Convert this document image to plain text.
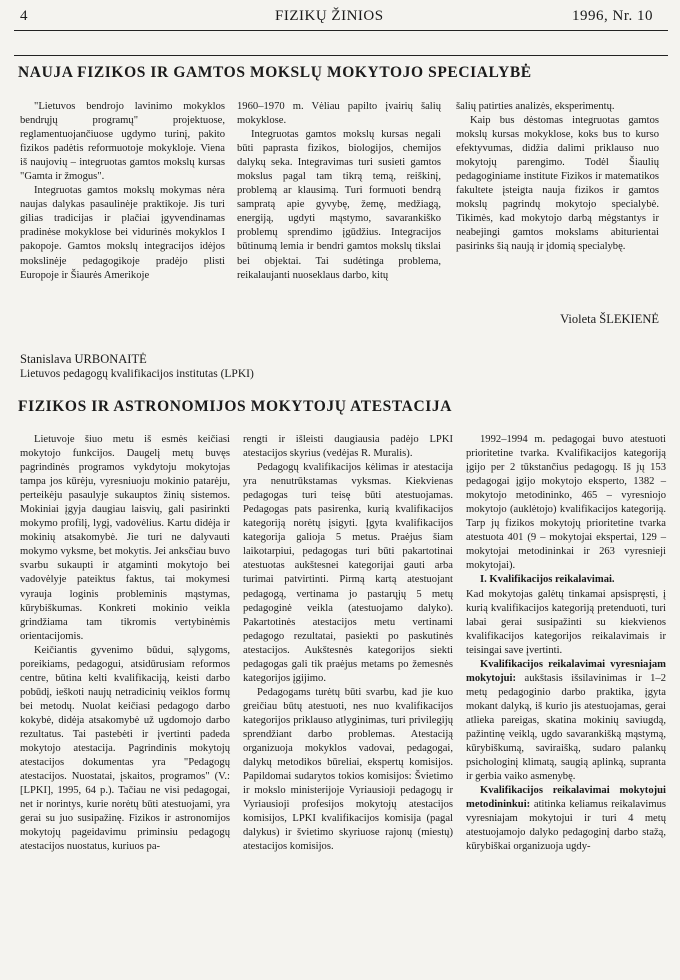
4	FIZIKŲ ŽINIOS	1996, Nr. 10
NAUJA FIZIKOS IR GAMTOS MOKSLŲ MOKYTOJO SPECIALYBĖ

"Lietuvos bendrojo lavinimo mokyklos bendrųjų programų" projektuose, reglamentuojančiuose ugdymo turinį, pakito fizikos padėtis reformuotoje mokykloje. Viena iš naujovių – integruotas gamtos mokslų kursas "Gamta ir žmogus".

Integruotas gamtos mokslų mokymas nėra naujas dalykas pasaulinėje praktikoje. Jis turi gilias tradicijas ir plačiai įgyvendinamas pradinėse mokyklose bei vidurinės mokyklos I pakopoje. Gamtos mokslų integracijos idėjos mokslinėje pedagogikoje pradėjo plisti Europoje ir Šiaurės Amerikoje

1960–1970 m. Vėliau papilto įvairių šalių mokyklose.

Integruotas gamtos mokslų kursas negali būti paprasta fizikos, biologijos, chemijos dalykų seka. Integravimas turi susieti gamtos mokslus pagal tam tikrą temą, reiškinį, problemą ar klausimą. Turi formuoti bendrą sampratą apie gyvybę, žemę, medžiagą, energiją, ugdyti mąstymo, savarankiško problemų sprendimo įgūdžius. Integracijos būtinumą lemia ir bendri gamtos mokslų tikslai bei objektai. Tai sudėtinga problema, reikalaujanti nuoseklaus darbo, kitų

šalių patirties analizės, eksperimentų.

Kaip bus dėstomas integruotas gamtos mokslų kursas mokyklose, koks bus to kurso efektyvumas, didžia dalimi priklauso nuo mokytojų parengimo. Todėl Šiaulių pedagoginiame institute Fizikos ir matematikos fakultete įsteigta nauja fizikos ir gamtos mokslų pagrindų mokytojo specialybė. Tikimės, kad mokytojo darbą mėgstantys ir neabejingi gamtos mokslams abiturientai pasirinks šią naują ir įdomią specialybę.

Violeta ŠLEKIENĖ
Stanislava URBONAITĖ
Lietuvos pedagogų kvalifikacijos institutas (LPKI)
FIZIKOS IR ASTRONOMIJOS MOKYTOJŲ ATESTACIJA

Lietuvoje šiuo metu iš esmės keičiasi mokytojo funkcijos. Daugelį metų buvęs pagrindinės programos vykdytoju mokytojas tampa jos kūrėju, vyresniuoju mokinio patarėju, perteikėju pasaulyje sukauptos žinių sistemos. Mokiniai įgyja daugiau laisvių, gali pasirinkti mokymo profilį, lygį, vadovėlius. Kartu didėja ir mokinių atsakomybė. Jie turi ne dalyvauti mokymo vyksme, bet mokytis. Jei anksčiau buvo svarbu sukaupti ir atgaminti mokytojo bei vadovėlyje pateiktus faktus, tai mokymesi vyrauja loginis probleminis mąstymas, kūrybiškumas. Konkreti mokinio veikla grindžiama tam tikromis vertybinėmis orientacijomis.

Keičiantis gyvenimo būdui, sąlygoms, poreikiams, pedagogui, atsidūrusiam reformos centre, būtina kelti kvalifikaciją, keisti darbo pobūdį, ieškoti naujų netradicinių veiklos formų bei metodų. Nuolat keičiasi pedagogo darbo kokybė, didėja atsakomybė už ugdomojo darbo rezultatus. Tai pastebėti ir įvertinti padeda mokytojo atestacija. Pagrindinis mokytojų atestacijos dokumentas yra "Pedagogų atestacijos. Nuostatai, įskaitos, programos" (V.: [LPKI], 1995, 64 p.). Tačiau ne visi pedagogai, net ir norintys, kurie norėtų būti atestuojami, yra gerai su juo susipažinę. Fizikos ir astronomijos mokytojų pageidavimu priminsiu pedagogų atestacijos nuostatus, kuriuos pa-

rengti ir išleisti daugiausia padėjo LPKI atestacijos skyrius (vedėjas R. Muralis).

Pedagogų kvalifikacijos kėlimas ir atestacija yra nenutrūkstamas vyksmas. Kiekvienas pedagogas turi teisę būti atestuojamas. Pedagogas pats pasirenka, kurią kvalifikacijos kategoriją norėtų įsigyti. Įgyta kvalifikacijos kategorija galioja 5 metus. Praėjus šiam laikotarpiui, pedagogas turi būti pakartotinai atestuotas aukštesnei kategorijai gauti arba turimai patvirtinti. Pirmą kartą atestuojant pedagogą, vertinama jo pastarųjų 5 metų pedagoginė veikla (atestuojamo dalyko). Pakartotinės atestacijos metu vertinami pedagogo rezultatai, pasiekti po paskutinės atestacijos. Aukštesnės kategorijos siekti pedagogas gali tik praėjus metams po žemesnės kategorijos įgijimo.

Pedagogams turėtų būti svarbu, kad jie kuo greičiau būtų atestuoti, nes nuo kvalifikacijos kategorijos priklauso atlyginimas, turi privilegijų sprendžiant darbo problemas. Atestaciją organizuoja mokyklos vadovai, pedagogai, dalykų metodikos būreliai, ekspertų komisijos. Papildomai sudarytos tokios komisijos: Švietimo ir mokslo ministerijoje Vyriausioji pedagogų ir Vyriausioji profesijos mokytojų atestacijos komisijos, LPKI kvalifikacijos komisija (pagal dalykus) ir švietimo skyriuose rajonų (miestų) atestacijos komisijos.

1992–1994 m. pedagogai buvo atestuoti prioritetine tvarka. Kvalifikacijos kategoriją įgijo per 2 tūkstančius pedagogų. Iš jų 153 pedagogai įgijo mokytojo eksperto, 1382 – mokytojo metodininko, 465 – vyresniojo mokytojo (auklėtojo) kvalifikacijos kategoriją. Tarp jų fizikos mokytojų prioritetine tvarka atestuota 401 (9 – mokytojai ekspertai, 129 – mokytojai metodininkai ir 263 vyresnieji mokytojai).

I. Kvalifikacijos reikalavimai.

Kad mokytojas galėtų tinkamai apsispręsti, į kurią kvalifikacijos kategoriją pretenduoti, turi labai gerai susipažinti su kiekvienos kvalifikacijos kategorijos reikalavimais ir teisingai save įvertinti.

Kvalifikacijos reikalavimai vyresniajam mokytojui: aukštasis išsilavinimas ir 1–2 metų pedagoginio darbo praktika, įgyta mokant dalyką, iš kurio jis atestuojamas, gerai atlieka pareigas, skatina mokinių saviugdą, pažintinę veiklą, ugdo savarankišką mąstymą, kūrybiškumą, saviraišką, sudaro palankų psichologinį klimatą, saugią aplinką, supranta ir gerbia vaiko asmenybę.

Kvalifikacijos reikalavimai mokytojui metodininkui: atitinka keliamus reikalavimus vyresniajam mokytojui ir turi 4 metų atestuojamojo dalyko pedagoginį darbo stažą, kūrybiškai organizuoja ugdy-
